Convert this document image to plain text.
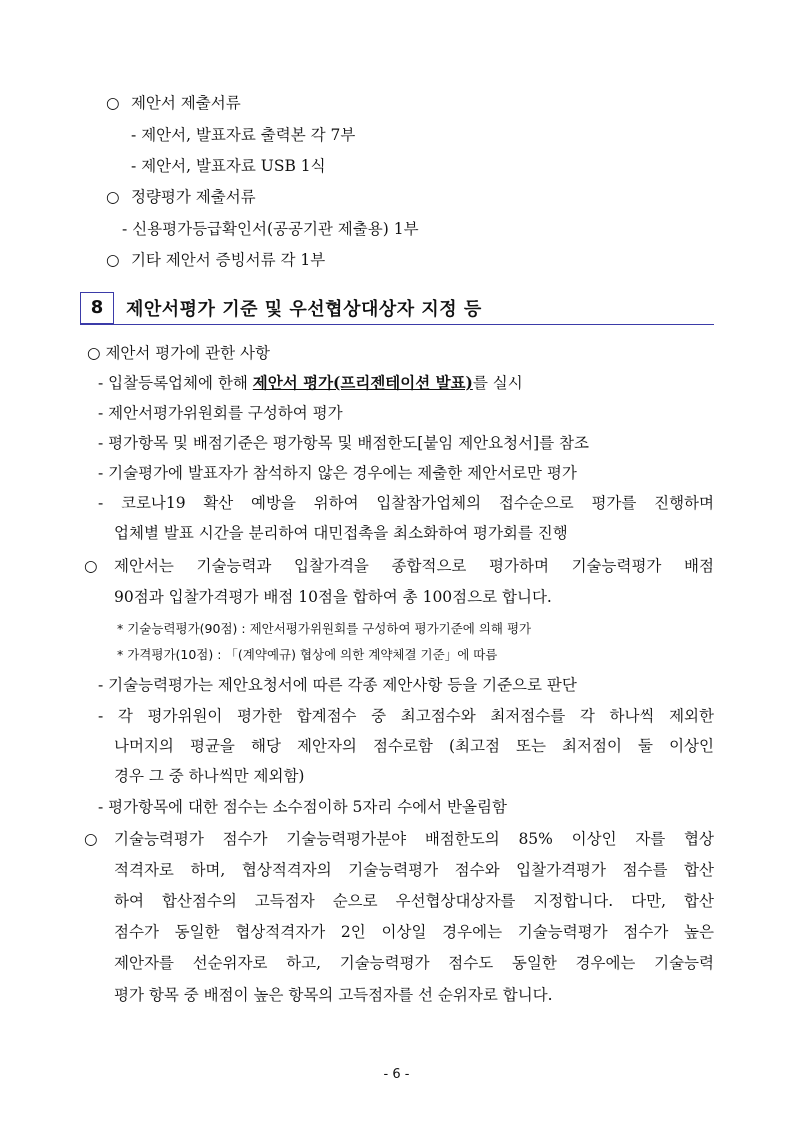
○ 제안서 제출서류
- 제안서, 발표자료 출력본 각 7부
- 제안서, 발표자료 USB 1식
○ 정량평가 제출서류
- 신용평가등급확인서(공공기관 제출용) 1부
○ 기타 제안서 증빙서류 각 1부
8	제안서평가 기준 및 우선협상대상자 지정 등
○ 제안서 평가에 관한 사항
- 입찰등록업체에 한해 제안서 평가(프리젠테이션 발표)를 실시
- 제안서평가위원회를 구성하여 평가
- 평가항목 및 배점기준은 평가항목 및 배점한도[붙임 제안요청서]를 참조
- 기술평가에 발표자가 참석하지 않은 경우에는 제출한 제안서로만 평가
- 코로나19 확산 예방을 위하여 입찰참가업체의 접수순으로 평가를 진행하며
업체별 발표 시간을 분리하여 대민접촉을 최소화하여 평가회를 진행
○ 제안서는 기술능력과 입찰가격을 종합적으로 평가하며 기술능력평가 배점
90점과 입찰가격평가 배점 10점을 합하여 총 100점으로 합니다.
* 기술능력평가(90점) : 제안서평가위원회를 구성하여 평가기준에 의해 평가
* 가격평가(10점) : 「(계약예규) 협상에 의한 계약체결 기준」에 따름
- 기술능력평가는 제안요청서에 따른 각종 제안사항 등을 기준으로 판단
- 각 평가위원이 평가한 합계점수 중 최고점수와 최저점수를 각 하나씩 제외한
나머지의 평균을 해당 제안자의 점수로함 (최고점 또는 최저점이 둘 이상인
경우 그 중 하나씩만 제외함)
- 평가항목에 대한 점수는 소수점이하 5자리 수에서 반올림함
○ 기술능력평가 점수가 기술능력평가분야 배점한도의 85% 이상인 자를 협상
적격자로 하며, 협상적격자의 기술능력평가 점수와 입찰가격평가 점수를 합산
하여 합산점수의 고득점자 순으로 우선협상대상자를 지정합니다. 다만, 합산
점수가 동일한 협상적격자가 2인 이상일 경우에는 기술능력평가 점수가 높은
제안자를 선순위자로 하고, 기술능력평가 점수도 동일한 경우에는 기술능력
평가 항목 중 배점이 높은 항목의 고득점자를 선 순위자로 합니다.
- 6 -
